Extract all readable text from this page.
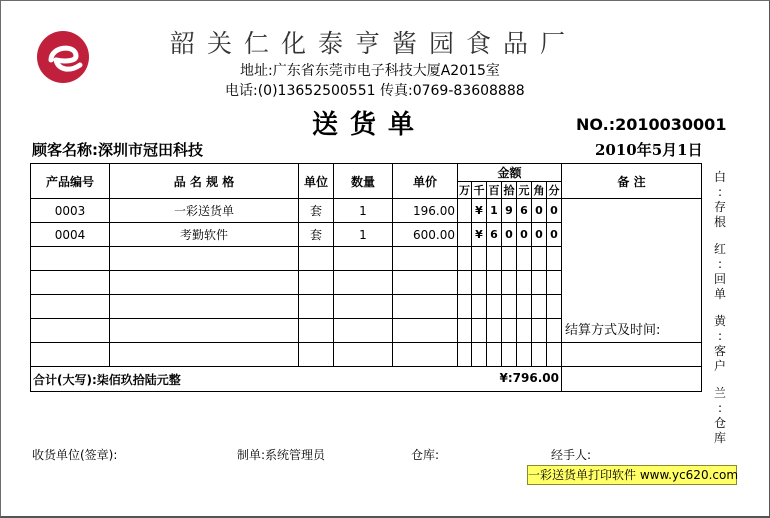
韶关仁化泰亨酱园食品厂
地址:广东省东莞市电子科技大厦A2015室
电话:(0)13652500551 传真:0769-83608888
送货单	NO.:2010030001
顾客名称:深圳市冠田科技	2010年5月1日
产品编号	品 名 规 格	单位	数量	单价	金额							备 注
					万	千	百	拾	元	角	分	
0003	一彩送货单	套	1	196.00		¥	1	9	6	0	0	结算方式及时间:
0004	考勤软件	套	1	600.00		¥	6	0	0	0	0	

合计(大写):柒佰玖拾陆元整 ¥:796.00												

白
:
存
根
红
:
回
单
黄
:
客
户
兰
:
仓
库
收货单位(签章):	制单:系统管理员	仓库:	经手人:
一彩送货单打印软件 www.yc620.com
